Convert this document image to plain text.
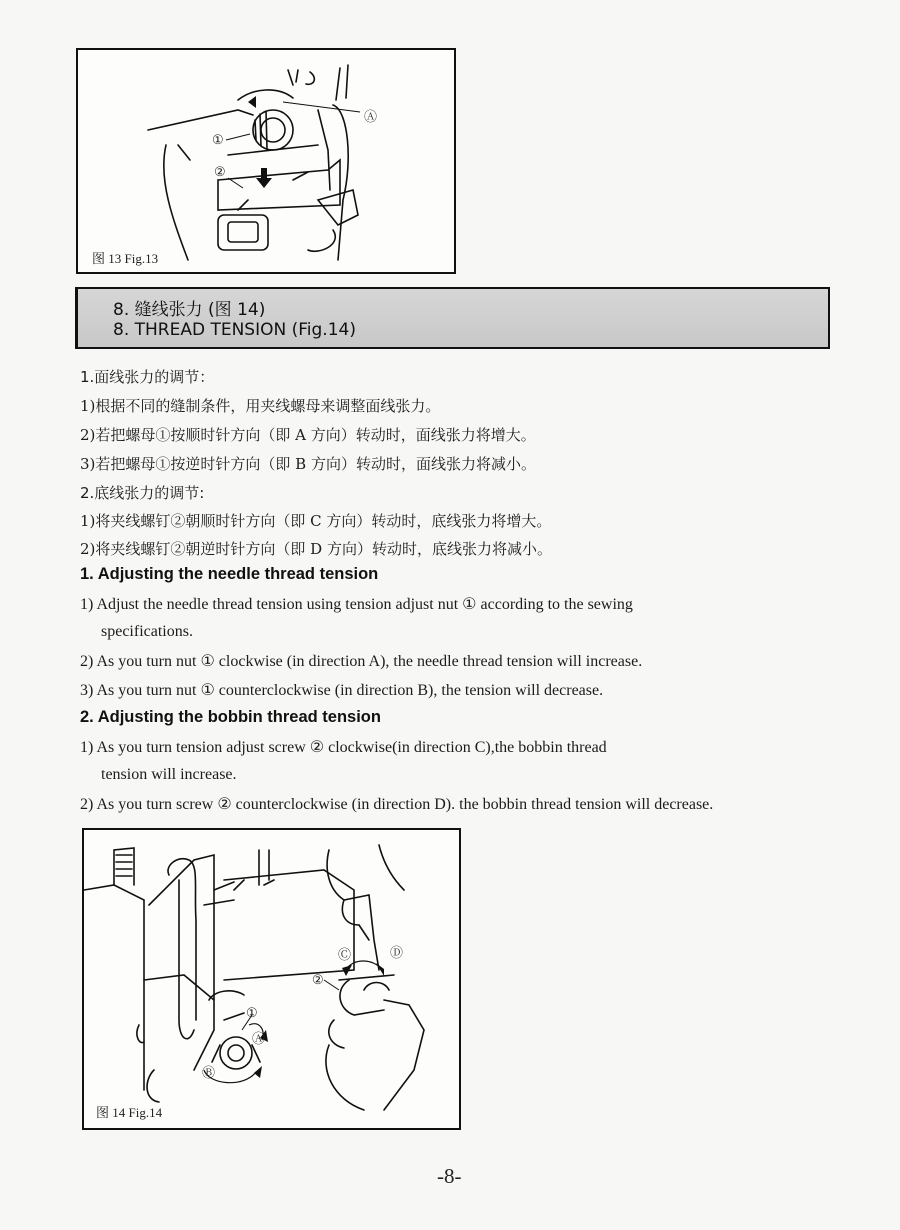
①
②
Ⓐ
图 13 Fig.13
8. 缝线张力 (图 14)
8. THREAD TENSION (Fig.14)
1.面线张力的调节：
1)根据不同的缝制条件，用夹线螺母来调整面线张力。
2)若把螺母①按顺时针方向（即 A 方向）转动时，面线张力将增大。
3)若把螺母①按逆时针方向（即 B 方向）转动时，面线张力将减小。
2.底线张力的调节:
1)将夹线螺钉②朝顺时针方向（即 C 方向）转动时，底线张力将增大。
2)将夹线螺钉②朝逆时针方向（即 D 方向）转动时，底线张力将减小。
1. Adjusting the needle thread tension
1) Adjust the needle thread tension using tension adjust nut ① according to the sewing
specifications.
2) As you turn nut ① clockwise (in direction A), the needle thread tension will increase.
3) As you turn nut ① counterclockwise (in direction B), the tension will decrease.
2. Adjusting the bobbin thread tension
1) As you turn tension adjust screw ② clockwise(in direction C),the bobbin thread
tension will increase.
2) As you turn screw ② counterclockwise (in direction D). the bobbin thread tension will decrease.
Ⓒ	Ⓓ
②
①
Ⓐ
Ⓑ
图 14 Fig.14
-8-
